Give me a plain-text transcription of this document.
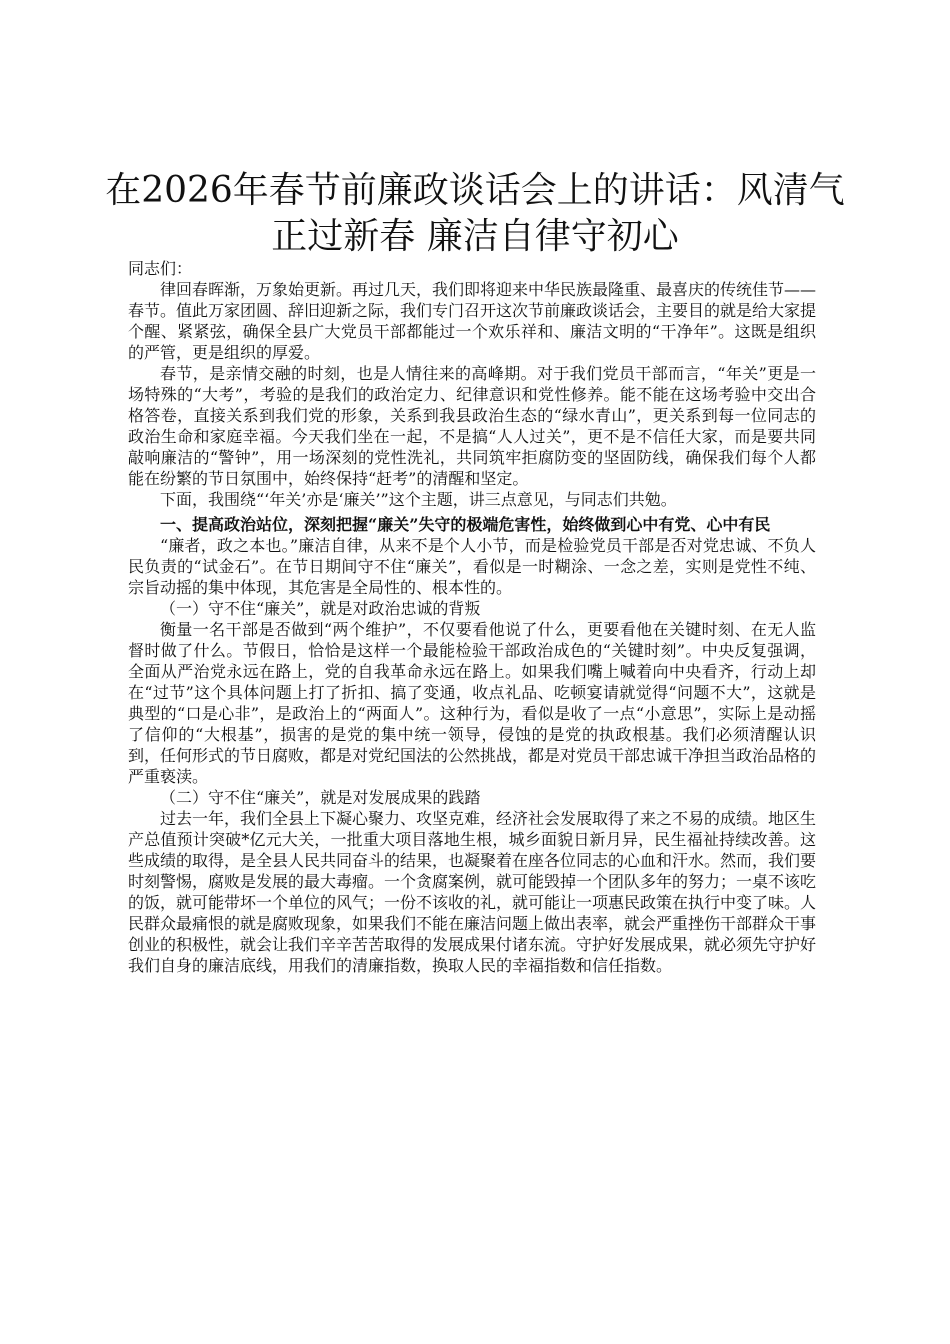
在2026年春节前廉政谈话会上的讲话：风清气正过新春 廉洁自律守初心

同志们：

律回春晖渐，万象始更新。再过几天，我们即将迎来中华民族最隆重、最喜庆的传统佳节——春节。值此万家团圆、辞旧迎新之际，我们专门召开这次节前廉政谈话会，主要目的就是给大家提个醒、紧紧弦，确保全县广大党员干部都能过一个欢乐祥和、廉洁文明的“干净年”。这既是组织的严管，更是组织的厚爱。

春节，是亲情交融的时刻，也是人情往来的高峰期。对于我们党员干部而言，“年关”更是一场特殊的“大考”，考验的是我们的政治定力、纪律意识和党性修养。能不能在这场考验中交出合格答卷，直接关系到我们党的形象，关系到我县政治生态的“绿水青山”，更关系到每一位同志的政治生命和家庭幸福。今天我们坐在一起，不是搞“人人过关”，更不是不信任大家，而是要共同敲响廉洁的“警钟”，用一场深刻的党性洗礼，共同筑牢拒腐防变的坚固防线，确保我们每个人都能在纷繁的节日氛围中，始终保持“赶考”的清醒和坚定。

下面，我围绕“‘年关’亦是‘廉关’”这个主题，讲三点意见，与同志们共勉。

一、提高政治站位，深刻把握“廉关”失守的极端危害性，始终做到心中有党、心中有民

“廉者，政之本也。”廉洁自律，从来不是个人小节，而是检验党员干部是否对党忠诚、不负人民负责的“试金石”。在节日期间守不住“廉关”，看似是一时糊涂、一念之差，实则是党性不纯、宗旨动摇的集中体现，其危害是全局性的、根本性的。

（一）守不住“廉关”，就是对政治忠诚的背叛

衡量一名干部是否做到“两个维护”，不仅要看他说了什么，更要看他在关键时刻、在无人监督时做了什么。节假日，恰恰是这样一个最能检验干部政治成色的“关键时刻”。中央反复强调，全面从严治党永远在路上，党的自我革命永远在路上。如果我们嘴上喊着向中央看齐，行动上却在“过节”这个具体问题上打了折扣、搞了变通，收点礼品、吃顿宴请就觉得“问题不大”，这就是典型的“口是心非”，是政治上的“两面人”。这种行为，看似是收了一点“小意思”，实际上是动摇了信仰的“大根基”，损害的是党的集中统一领导，侵蚀的是党的执政根基。我们必须清醒认识到，任何形式的节日腐败，都是对党纪国法的公然挑战，都是对党员干部忠诚干净担当政治品格的严重亵渎。

（二）守不住“廉关”，就是对发展成果的践踏

过去一年，我们全县上下凝心聚力、攻坚克难，经济社会发展取得了来之不易的成绩。地区生产总值预计突破*亿元大关，一批重大项目落地生根，城乡面貌日新月异，民生福祉持续改善。这些成绩的取得，是全县人民共同奋斗的结果，也凝聚着在座各位同志的心血和汗水。然而，我们要时刻警惕，腐败是发展的最大毒瘤。一个贪腐案例，就可能毁掉一个团队多年的努力；一桌不该吃的饭，就可能带坏一个单位的风气；一份不该收的礼，就可能让一项惠民政策在执行中变了味。人民群众最痛恨的就是腐败现象，如果我们不能在廉洁问题上做出表率，就会严重挫伤干部群众干事创业的积极性，就会让我们辛辛苦苦取得的发展成果付诸东流。守护好发展成果，就必须先守护好我们自身的廉洁底线，用我们的清廉指数，换取人民的幸福指数和信任指数。
